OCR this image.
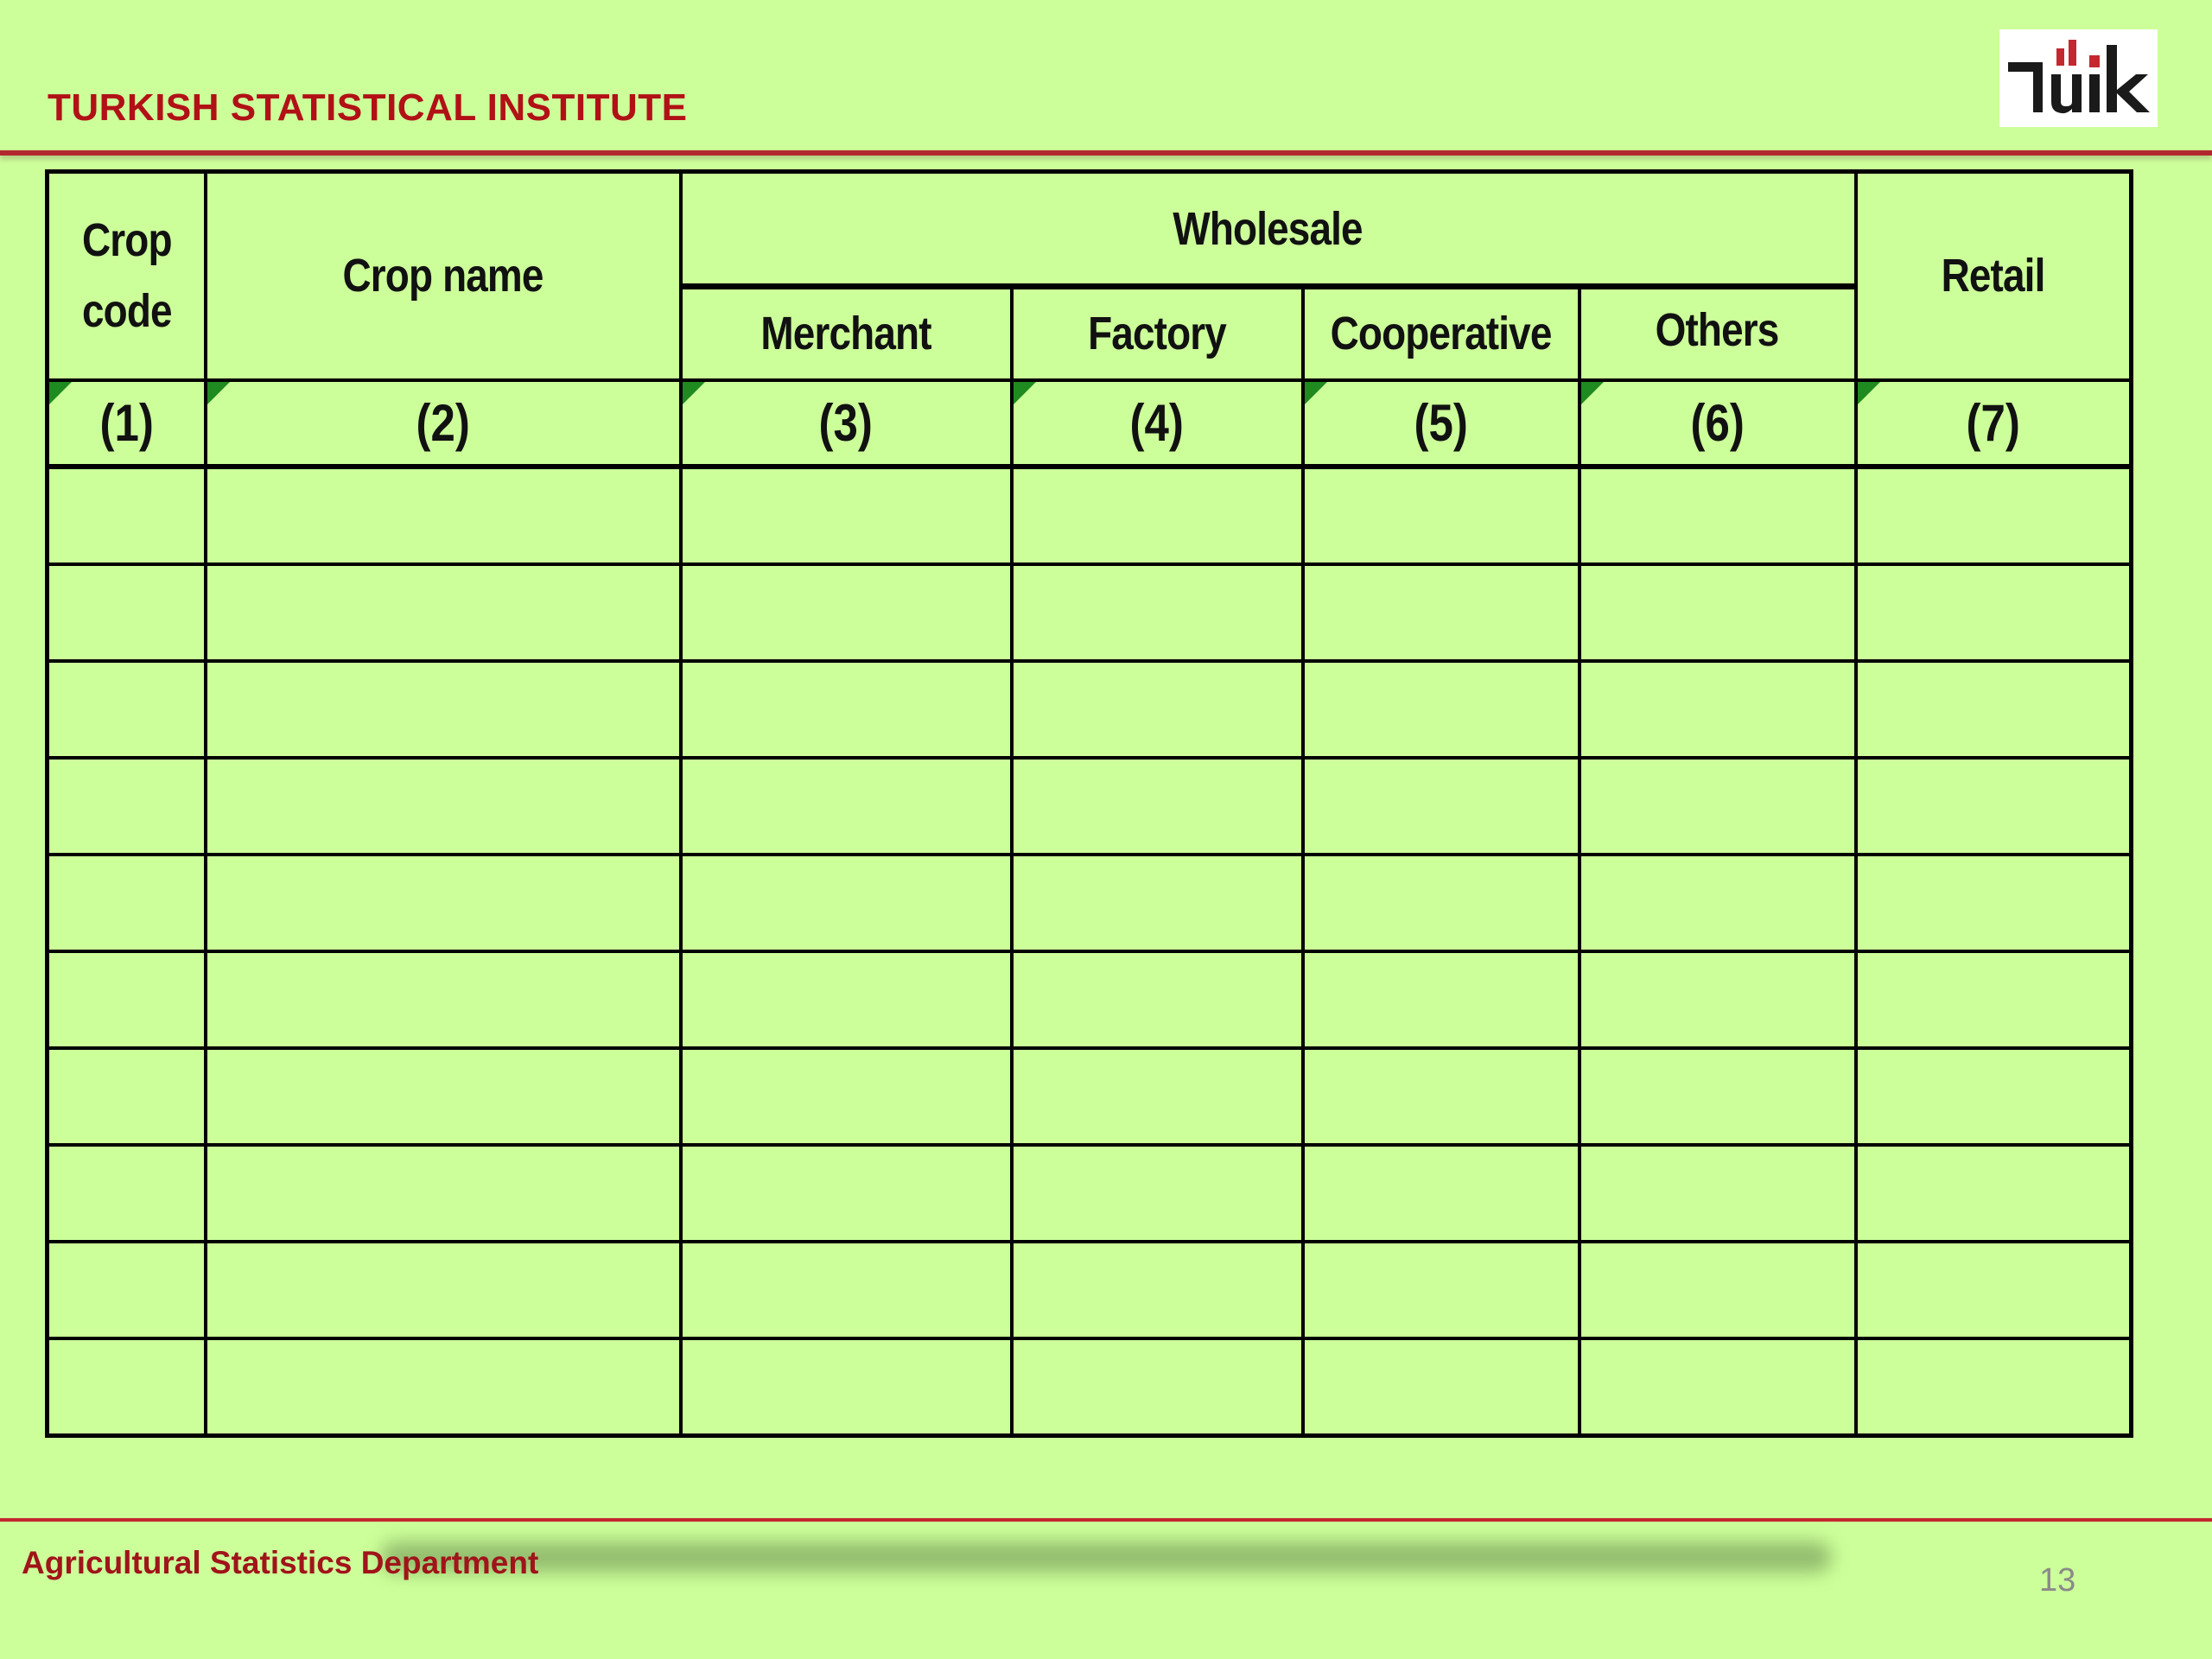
TURKISH STATISTICAL INSTITUTE
Crop code	Crop name	Wholesale				Retail
		Merchant	Factory	Cooperative	Others	
(1)	(2)	(3)	(4)	(5)	(6)	(7)

Agricultural Statistics Department	13
